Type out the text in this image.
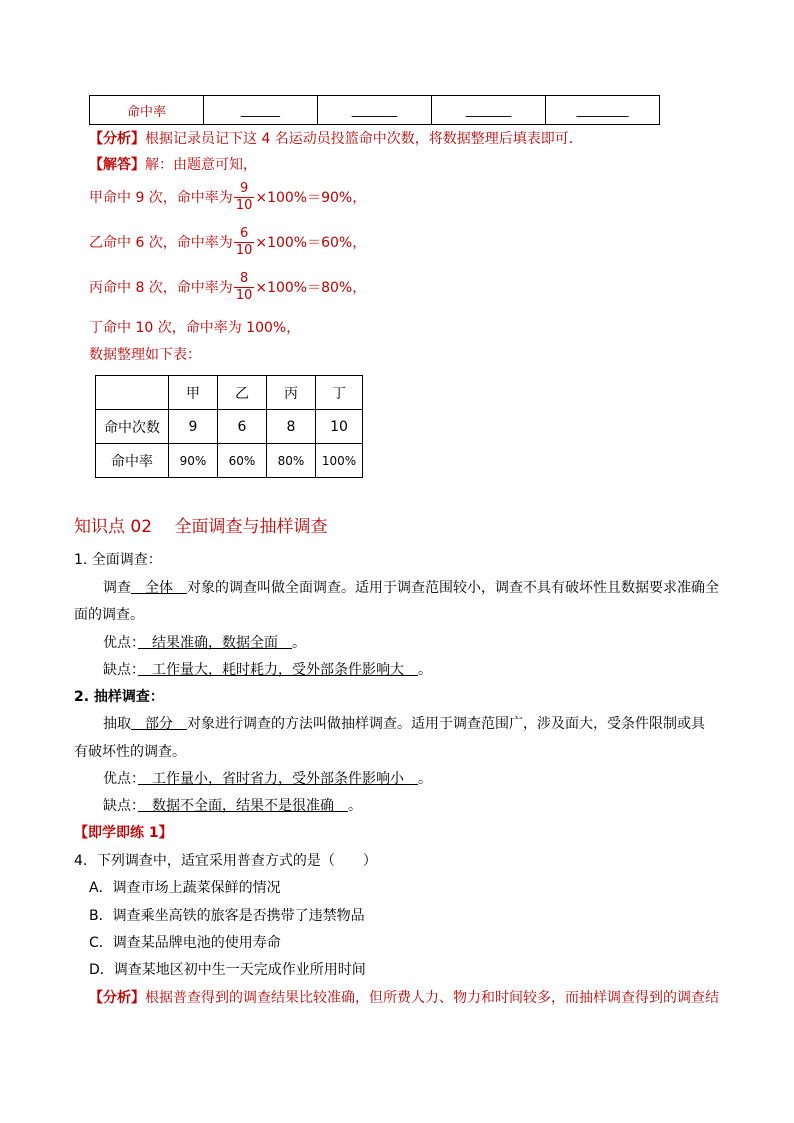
命中率	______	_______	_______	________
【分析】根据记录员记下这 4 名运动员投篮命中次数，将数据整理后填表即可．
【解答】解：由题意可知，
甲命中 9 次，命中率为 $\frac{9}{10} \times 100\%=90\%$，
乙命中 6 次，命中率为 $\frac{6}{10} \times 100\%=60\%$，
丙命中 8 次，命中率为 $\frac{8}{10} \times 100\%=80\%$，
丁命中 10 次，命中率为 100%，
数据整理如下表：
	甲	乙	丙	丁
命中次数	9	6	8	10
命中率	90%	60%	80%	100%
知识点 02　 全面调查与抽样调查
1. 全面调查：
调查　全体　对象的调查叫做全面调查。适用于调查范围较小，调查不具有破坏性且数据要求准确全
面的调查。
优点：　结果准确，数据全面　。
缺点：　工作量大，耗时耗力，受外部条件影响大　。
2. 抽样调查：
抽取　部分　对象进行调查的方法叫做抽样调查。适用于调查范围广，涉及面大，受条件限制或具
有破坏性的调查。
优点：　工作量小，省时省力，受外部条件影响小　。
缺点：　数据不全面，结果不是很准确　。
【即学即练 1】
4．下列调查中，适宜采用普查方式的是（　　）
A．调查市场上蔬菜保鲜的情况
B．调查乘坐高铁的旅客是否携带了违禁物品
C．调查某品牌电池的使用寿命
D．调查某地区初中生一天完成作业所用时间
【分析】根据普查得到的调查结果比较准确，但所费人力、物力和时间较多，而抽样调查得到的调查结
